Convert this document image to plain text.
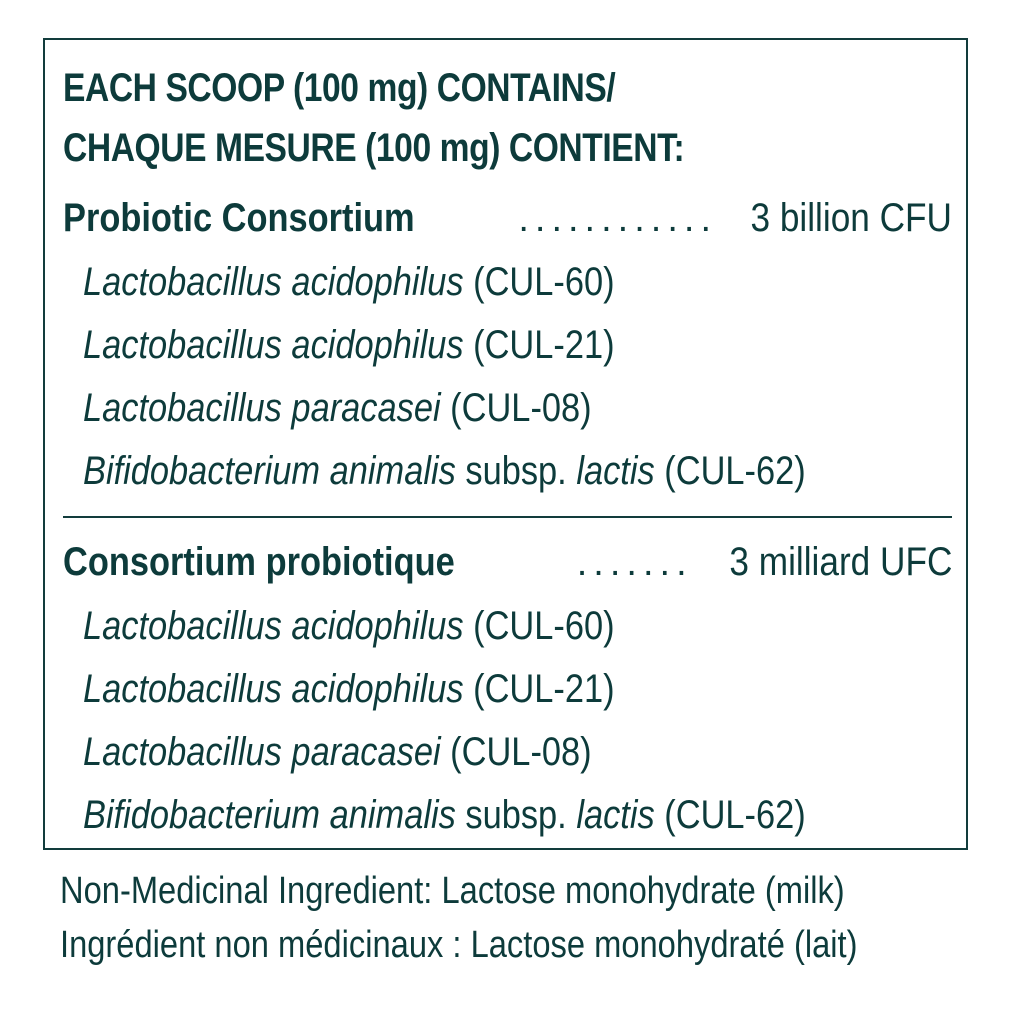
EACH SCOOP (100 mg) CONTAINS/
CHAQUE MESURE (100 mg) CONTIENT:
Probiotic Consortium	............ 3 billion CFU
Lactobacillus acidophilus (CUL-60)
Lactobacillus acidophilus (CUL-21)
Lactobacillus paracasei (CUL-08)
Bifidobacterium animalis subsp. lactis (CUL-62)
Consortium probiotique	....... 3 milliard UFC
Lactobacillus acidophilus (CUL-60)
Lactobacillus acidophilus (CUL-21)
Lactobacillus paracasei (CUL-08)
Bifidobacterium animalis subsp. lactis (CUL-62)
Non-Medicinal Ingredient: Lactose monohydrate (milk)
Ingrédient non médicinaux : Lactose monohydraté (lait)
